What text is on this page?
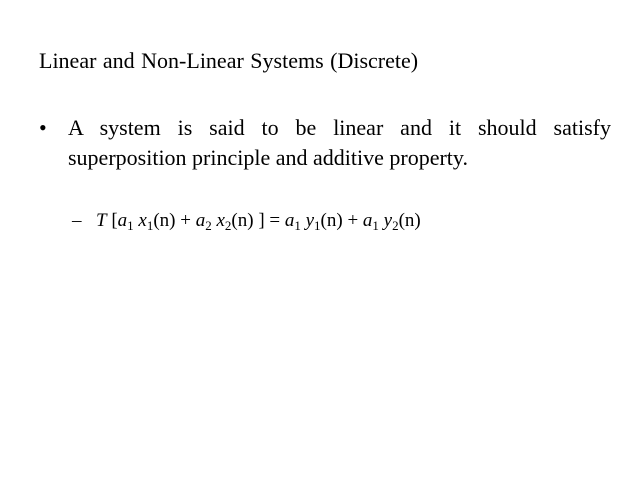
Linear and Non-Linear Systems (Discrete)
• A system is said to be linear and it should satisfy superposition principle and additive property.
– T [$a_1$ $x_1(n) + a_2$ $x_2(n)$ ] = $a_1$ $y_1(n) + a_1$ $y_2(n)$
